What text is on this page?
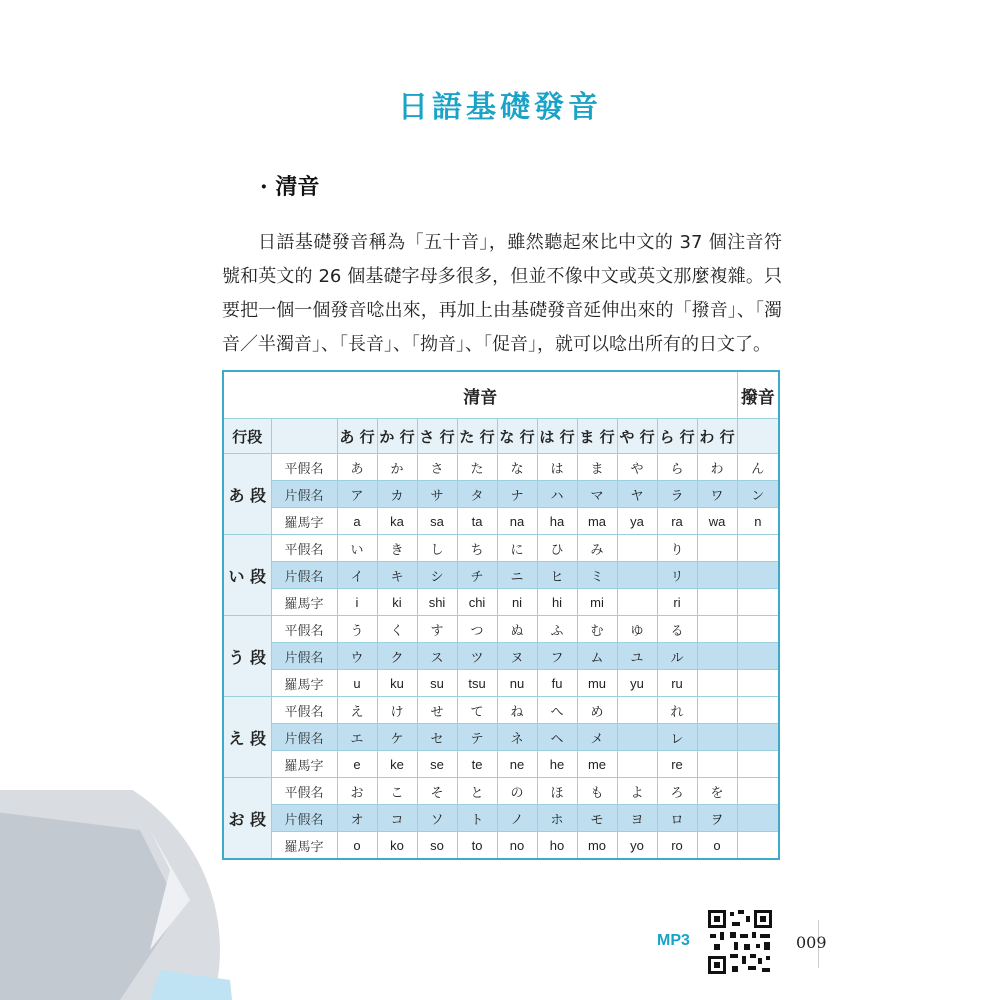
日語基礎發音
· 清音
日語基礎發音稱為「五十音」，雖然聽起來比中文的 37 個注音符號和英文的 26 個基礎字母多很多，但並不像中文或英文那麼複雜。只要把一個一個發音唸出來，再加上由基礎發音延伸出來的「撥音」、「濁音／半濁音」、「長音」、「拗音」、「促音」，就可以唸出所有的日文了。
清音												撥音
行段		あ 行	か 行	さ 行	た 行	な 行	は 行	ま 行	や 行	ら 行	わ 行	
あ 段	平假名	あ	か	さ	た	な	は	ま	や	ら	わ	ん
	片假名	ア	カ	サ	タ	ナ	ハ	マ	ヤ	ラ	ワ	ン
	羅馬字	a	ka	sa	ta	na	ha	ma	ya	ra	wa	n
い 段	平假名	い	き	し	ち	に	ひ	み		り		
	片假名	イ	キ	シ	チ	ニ	ヒ	ミ		リ		
	羅馬字	i	ki	shi	chi	ni	hi	mi		ri		
う 段	平假名	う	く	す	つ	ぬ	ふ	む	ゆ	る		
	片假名	ウ	ク	ス	ツ	ヌ	フ	ム	ユ	ル		
	羅馬字	u	ku	su	tsu	nu	fu	mu	yu	ru		
え 段	平假名	え	け	せ	て	ね	へ	め		れ		
	片假名	エ	ケ	セ	テ	ネ	ヘ	メ		レ		
	羅馬字	e	ke	se	te	ne	he	me		re		
お 段	平假名	お	こ	そ	と	の	ほ	も	よ	ろ	を	
	片假名	オ	コ	ソ	ト	ノ	ホ	モ	ヨ	ロ	ヲ	
	羅馬字	o	ko	so	to	no	ho	mo	yo	ro	o	
MP3	009
